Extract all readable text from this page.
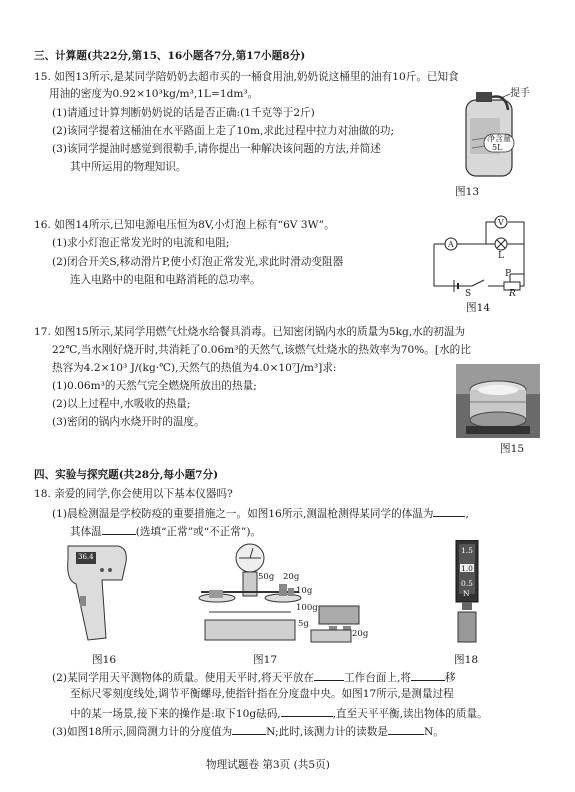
三、计算题(共22分,第15、16小题各7分,第17小题8分)
15. 如图13所示,是某同学陪奶奶去超市买的一桶食用油,奶奶说这桶里的油有10斤。已知食
用油的密度为0.92×10³kg/m³,1L=1dm³。
(1)请通过计算判断奶奶说的话是否正确:(1千克等于2斤)
(2)该同学提着这桶油在水平路面上走了10m,求此过程中拉力对油做的功;
(3)该同学提油时感觉到很勒手,请你提出一种解决该问题的方法,并简述
其中所运用的物理知识。
提手
净含量
5L
图13
16. 如图14所示,已知电源电压恒为8V,小灯泡上标有“6V 3W”。
(1)求小灯泡正常发光时的电流和电阻;
(2)闭合开关S,移动滑片P,使小灯泡正常发光,求此时滑动变阻器
连入电路中的电阻和电路消耗的总功率。
A
V
L
S
P
R
图14
17. 如图15所示,某同学用燃气灶烧水给餐具消毒。已知密闭锅内水的质量为5kg,水的初温为
22℃,当水刚好烧开时,共消耗了0.06m³的天然气,该燃气灶烧水的热效率为70%。[水的比
热容为4.2×10³ J/(kg·℃),天然气的热值为4.0×10⁷J/m³]求:
(1)0.06m³的天然气完全燃烧所放出的热量;
(2)以上过程中,水吸收的热量;
(3)密闭的锅内水烧开时的温度。
图15
四、实验与探究题(共28分,每小题7分)
18. 亲爱的同学,你会使用以下基本仪器吗?
(1)晨检测温是学校防疫的重要措施之一。如图16所示,测温枪测得某同学的体温为	,
其体温	(选填“正常”或“不正常”)。
36.4
图16
50g 20g
10g
100g
5g
20g
图17
1.5
1.0
0.5
N
图18
(2)某同学用天平测物体的质量。使用天平时,将天平放在	工作台面上,将	移
至标尺零刻度线处,调节平衡螺母,使指针指在分度盘中央。如图17所示,是测量过程
中的某一场景,接下来的操作是:取下10g砝码,	,直至天平平衡,读出物体的质量。
(3)如图18所示,圆筒测力计的分度值为	N;此时,该测力计的读数是	N。
物理试题卷 第3页 (共5页)
